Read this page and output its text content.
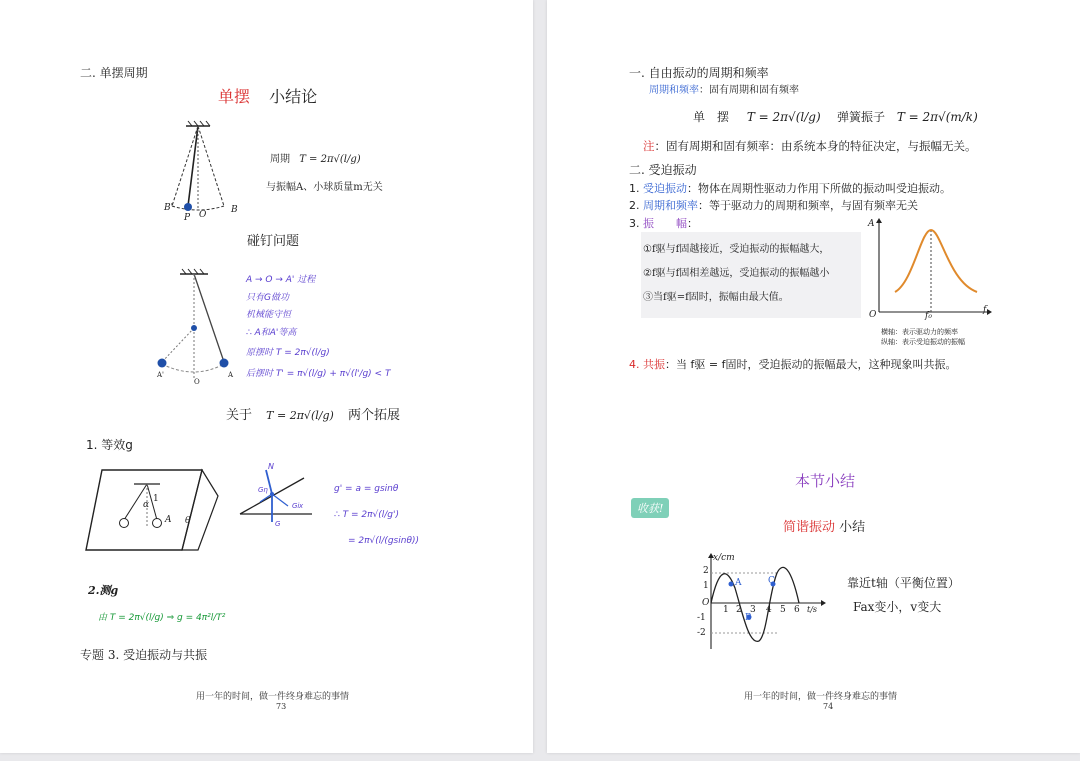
二. 单摆周期
单摆 小结论
B'
P O	B
周期 T = 2π√(l/g)
与振幅A、小球质量m无关
碰钉问题
A'
O
A
A → O → A' 过程
只有G做功
机械能守恒
∴ A和A'等高
原摆时 T = 2π√(l/g)
后摆时 T' = π√(l/g) + π√(l'/g) < T
关于 T = 2π√(l/g) 两个拓展
1. 等效g
α
1
A θ
N
Gη
Gⅸ
G
g' = a = gsinθ
∴ T = 2π√(l/g')
= 2π√(l/(gsinθ))
2.测g
由 T = 2π√(l/g) ⇒ g = 4π²l/T²
专题 3. 受迫振动与共振
用一年的时间，做一件终身难忘的事情
73
一. 自由振动的周期和频率
周期和频率：固有周期和固有频率
单　摆 T = 2π√(l/g) 弹簧振子 T = 2π√(m/k)
注：固有周期和固有频率：由系统本身的特征决定，与振幅无关。
二. 受迫振动
1. 受迫振动：物体在周期性驱动力作用下所做的振动叫受迫振动。
2. 周期和频率：等于驱动力的周期和频率，与固有频率无关
3. 振　　幅：
①f驱与f固越接近，受迫振动的振幅越大，
②f驱与f固相差越远，受迫振动的振幅越小
③当f驱=f固时，振幅由最大值。
A
f
O	f₀
横轴：表示驱动力的频率
纵轴：表示受迫振动的振幅
4. 共振：当 f驱 = f固时，受迫振动的振幅最大，这种现象叫共振。
本节小结
收获!
简谐振动 小结
x/cm
t/s
O
2
1
-1
-2
1 2 3 4 5 6
A
B
C	靠近t轴（平衡位置）
Fax变小，v变大
用一年的时间，做一件终身难忘的事情
74
